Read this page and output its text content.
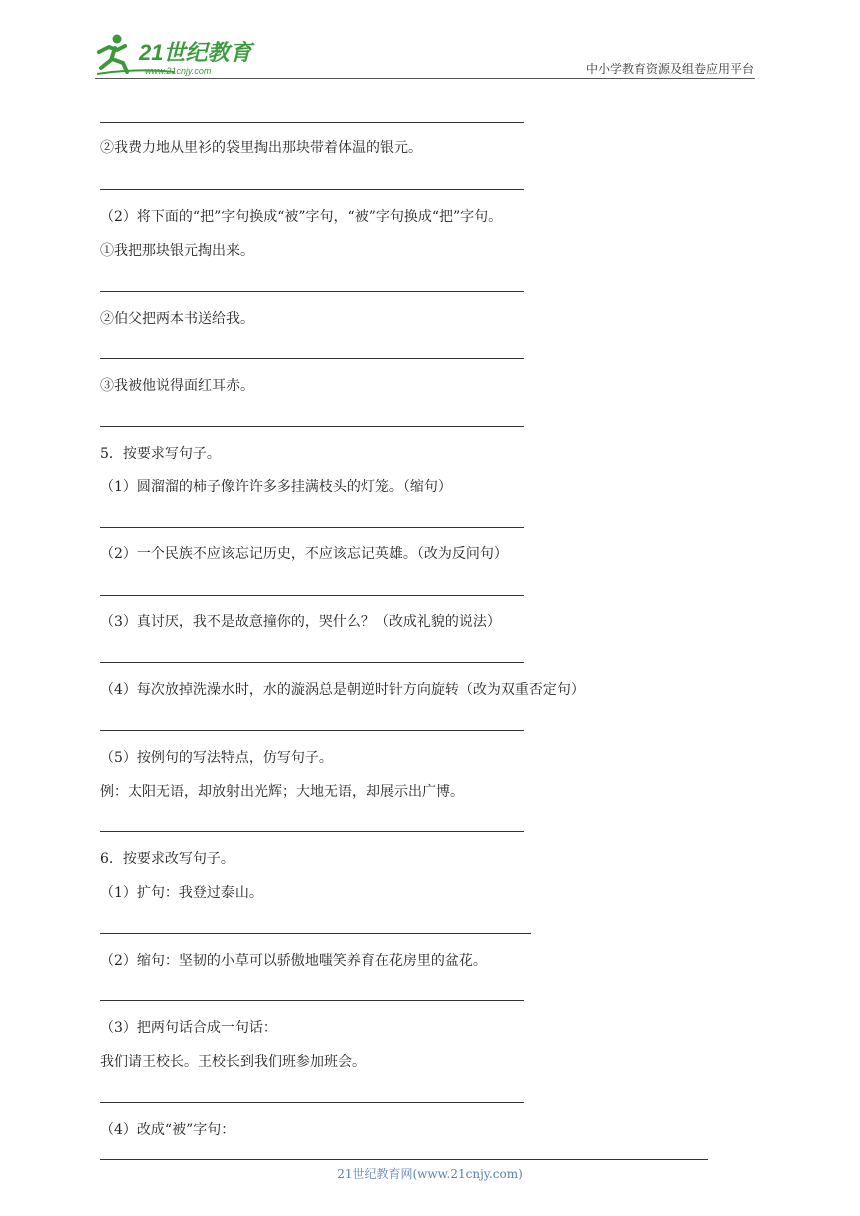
21世纪教育
www.21cnjy.com	中小学教育资源及组卷应用平台
②我费力地从里衫的袋里掏出那块带着体温的银元。
（2）将下面的“把”字句换成“被”字句，“被”字句换成“把”字句。
①我把那块银元掏出来。
②伯父把两本书送给我。
③我被他说得面红耳赤。
5．按要求写句子。
（1）圆溜溜的柿子像许许多多挂满枝头的灯笼。（缩句）
（2）一个民族不应该忘记历史，不应该忘记英雄。（改为反问句）
（3）真讨厌，我不是故意撞你的，哭什么？（改成礼貌的说法）
（4）每次放掉洗澡水时，水的漩涡总是朝逆时针方向旋转（改为双重否定句）
（5）按例句的写法特点，仿写句子。
例：太阳无语，却放射出光辉；大地无语，却展示出广博。
6．按要求改写句子。
（1）扩句：我登过泰山。
（2）缩句：坚韧的小草可以骄傲地嗤笑养育在花房里的盆花。
（3）把两句话合成一句话：
我们请王校长。王校长到我们班参加班会。
（4）改成“被”字句：
21世纪教育网(www.21cnjy.com)
